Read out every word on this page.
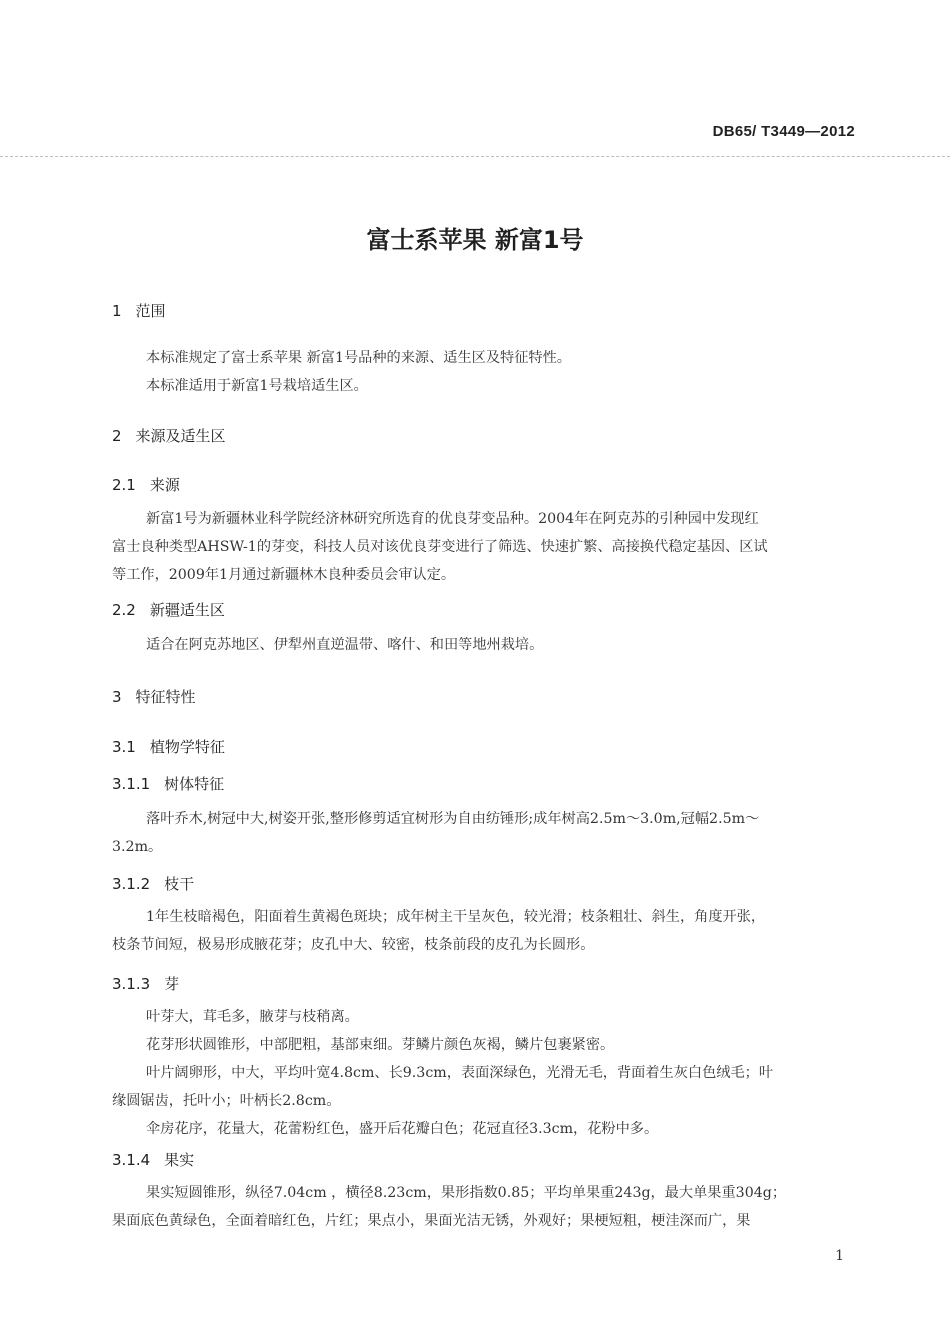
DB65/ T3449—2012
富士系苹果 新富1号
1 范围
本标准规定了富士系苹果 新富1号品种的来源、适生区及特征特性。
本标准适用于新富1号栽培适生区。
2 来源及适生区
2.1 来源
新富1号为新疆林业科学院经济林研究所选育的优良芽变品种。2004年在阿克苏的引种园中发现红
富士良种类型AHSW-1的芽变，科技人员对该优良芽变进行了筛选、快速扩繁、高接换代稳定基因、区试
等工作，2009年1月通过新疆林木良种委员会审认定。
2.2 新疆适生区
适合在阿克苏地区、伊犁州直逆温带、喀什、和田等地州栽培。
3 特征特性
3.1 植物学特征
3.1.1 树体特征
落叶乔木,树冠中大,树姿开张,整形修剪适宜树形为自由纺锤形;成年树高2.5m～3.0m,冠幅2.5m～
3.2m。
3.1.2 枝干
1年生枝暗褐色，阳面着生黄褐色斑块；成年树主干呈灰色，较光滑；枝条粗壮、斜生，角度开张，
枝条节间短，极易形成腋花芽；皮孔中大、较密，枝条前段的皮孔为长圆形。
3.1.3 芽
叶芽大，茸毛多，腋芽与枝稍离。
花芽形状圆锥形，中部肥粗，基部束细。芽鳞片颜色灰褐，鳞片包裹紧密。
叶片阔卵形，中大，平均叶宽4.8cm、长9.3cm，表面深绿色，光滑无毛，背面着生灰白色绒毛；叶
缘圆锯齿，托叶小；叶柄长2.8cm。
伞房花序，花量大，花蕾粉红色，盛开后花瓣白色；花冠直径3.3cm，花粉中多。
3.1.4 果实
果实短圆锥形，纵径7.04cm ，横径8.23cm，果形指数0.85；平均单果重243g，最大单果重304g；
果面底色黄绿色，全面着暗红色，片红；果点小，果面光洁无锈，外观好；果梗短粗，梗洼深而广，果
1
